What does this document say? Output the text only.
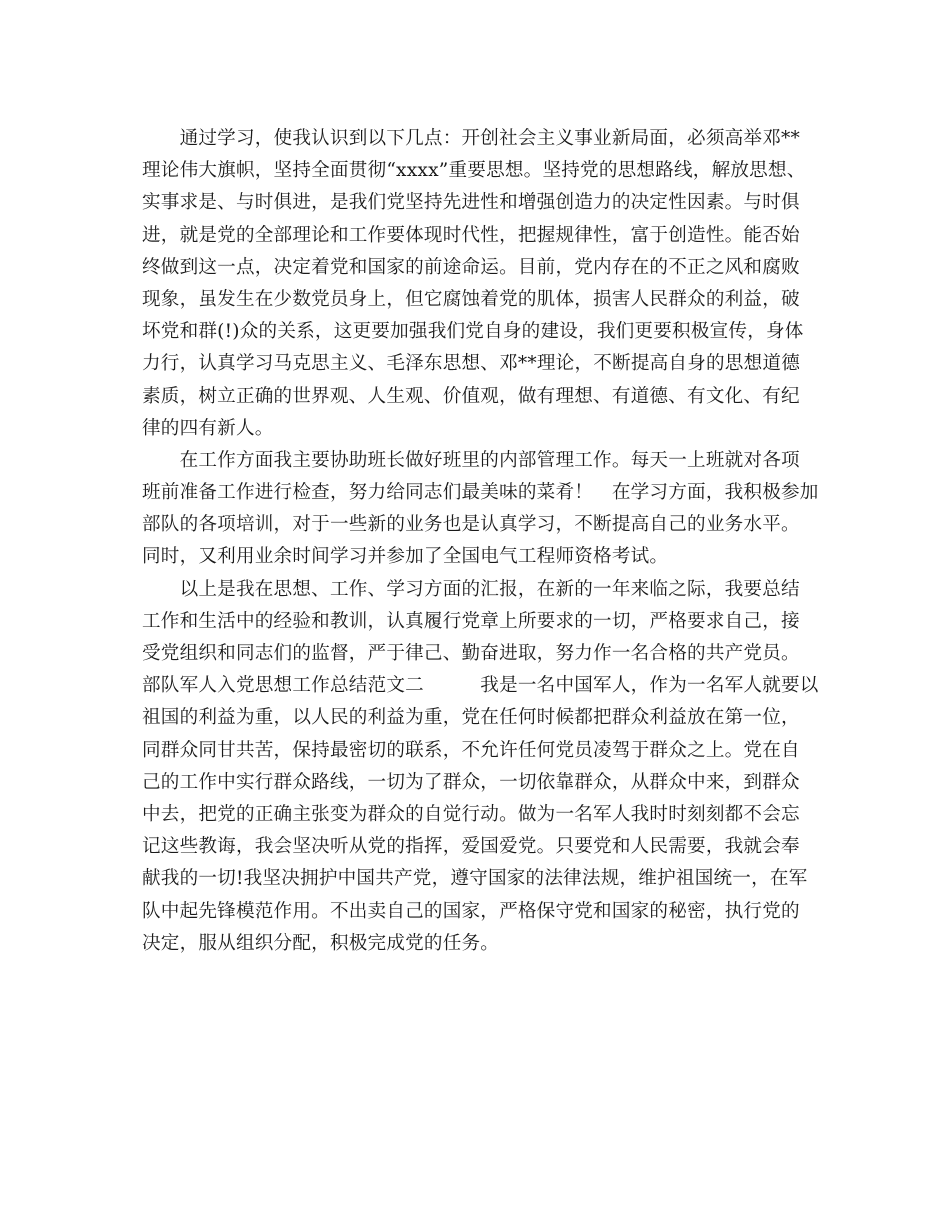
　　通过学习，使我认识到以下几点：开创社会主义事业新局面，必须高举邓**
理论伟大旗帜，坚持全面贯彻“xxxx”重要思想。坚持党的思想路线，解放思想、
实事求是、与时俱进，是我们党坚持先进性和增强创造力的决定性因素。与时俱
进，就是党的全部理论和工作要体现时代性，把握规律性，富于创造性。能否始
终做到这一点，决定着党和国家的前途命运。目前，党内存在的不正之风和腐败
现象，虽发生在少数党员身上，但它腐蚀着党的肌体，损害人民群众的利益，破
坏党和群(!)众的关系，这更要加强我们党自身的建设，我们更要积极宣传，身体
力行，认真学习马克思主义、毛泽东思想、邓**理论，不断提高自身的思想道德
素质，树立正确的世界观、人生观、价值观，做有理想、有道德、有文化、有纪
律的四有新人。
　　在工作方面我主要协助班长做好班里的内部管理工作。每天一上班就对各项
班前准备工作进行检查，努力给同志们最美味的菜肴！　在学习方面，我积极参加
部队的各项培训，对于一些新的业务也是认真学习，不断提高自己的业务水平。
同时，又利用业余时间学习并参加了全国电气工程师资格考试。
　　以上是我在思想、工作、学习方面的汇报，在新的一年来临之际，我要总结
工作和生活中的经验和教训，认真履行党章上所要求的一切，严格要求自己，接
受党组织和同志们的监督，严于律己、勤奋进取，努力作一名合格的共产党员。
部队军人入党思想工作总结范文二　　　我是一名中国军人，作为一名军人就要以
祖国的利益为重，以人民的利益为重，党在任何时候都把群众利益放在第一位，
同群众同甘共苦，保持最密切的联系，不允许任何党员凌驾于群众之上。党在自
己的工作中实行群众路线，一切为了群众，一切依靠群众，从群众中来，到群众
中去，把党的正确主张变为群众的自觉行动。做为一名军人我时时刻刻都不会忘
记这些教诲，我会坚决听从党的指挥，爱国爱党。只要党和人民需要，我就会奉
献我的一切!我坚决拥护中国共产党，遵守国家的法律法规，维护祖国统一，在军
队中起先锋模范作用。不出卖自己的国家，严格保守党和国家的秘密，执行党的
决定，服从组织分配，积极完成党的任务。
